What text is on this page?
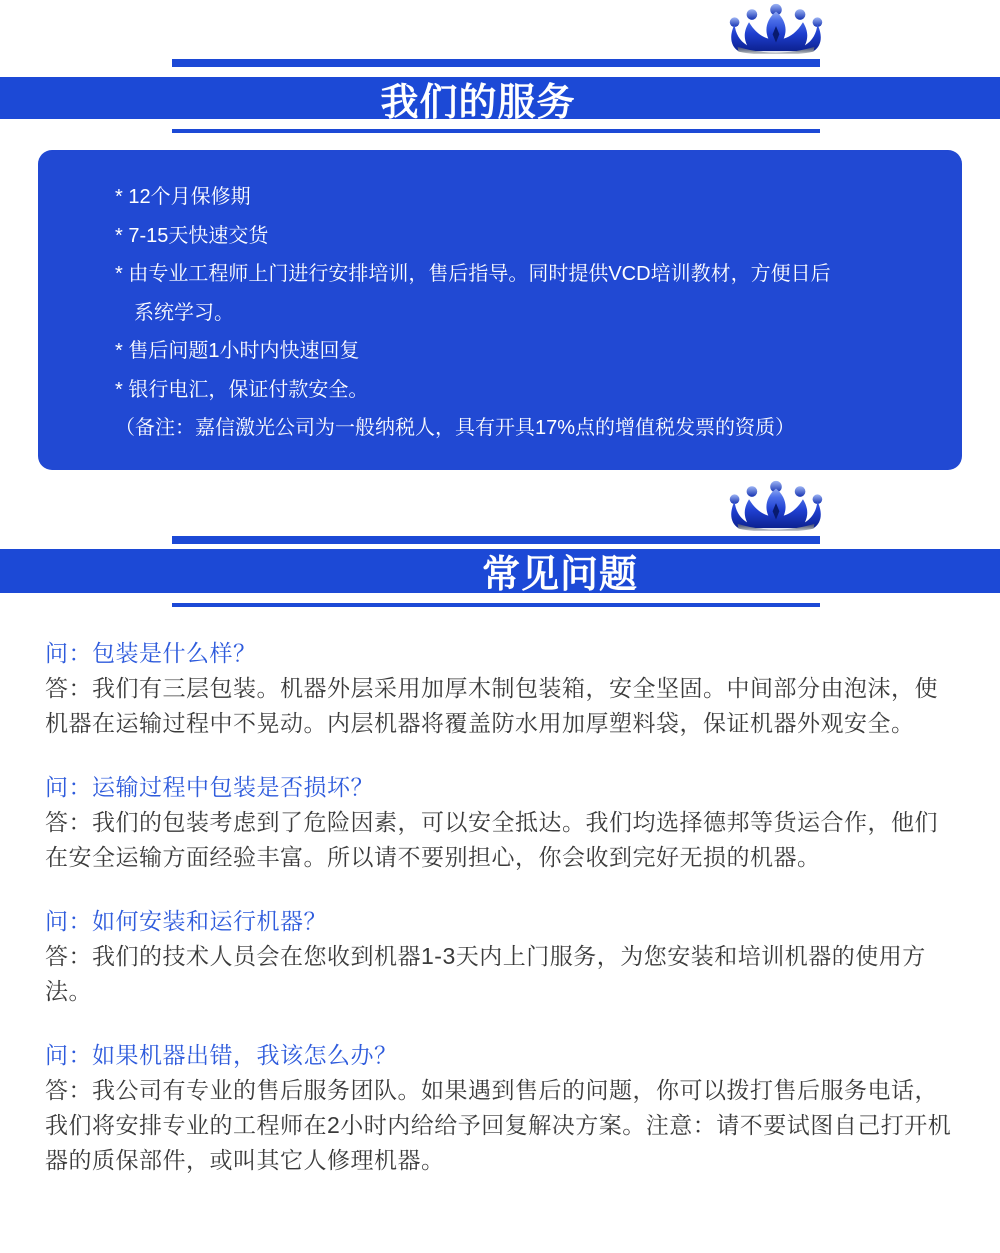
我们的服务
* 12个月保修期
* 7-15天快速交货
* 由专业工程师上门进行安排培训，售后指导。同时提供VCD培训教材，方便日后系统学习。
* 售后问题1小时内快速回复
* 银行电汇，保证付款安全。
（备注：嘉信激光公司为一般纳税人，具有开具17%点的增值税发票的资质）
常见问题
问：包装是什么样？
答：我们有三层包装。机器外层采用加厚木制包装箱，安全坚固。中间部分由泡沫，使机器在运输过程中不晃动。内层机器将覆盖防水用加厚塑料袋，保证机器外观安全。
问：运输过程中包装是否损坏？
答：我们的包装考虑到了危险因素，可以安全抵达。我们均选择德邦等货运合作，他们在安全运输方面经验丰富。所以请不要别担心，你会收到完好无损的机器。
问：如何安装和运行机器？
答：我们的技术人员会在您收到机器1-3天内上门服务，为您安装和培训机器的使用方法。
问：如果机器出错，我该怎么办？
答：我公司有专业的售后服务团队。如果遇到售后的问题，你可以拨打售后服务电话，我们将安排专业的工程师在2小时内给给予回复解决方案。注意：请不要试图自己打开机器的质保部件，或叫其它人修理机器。
